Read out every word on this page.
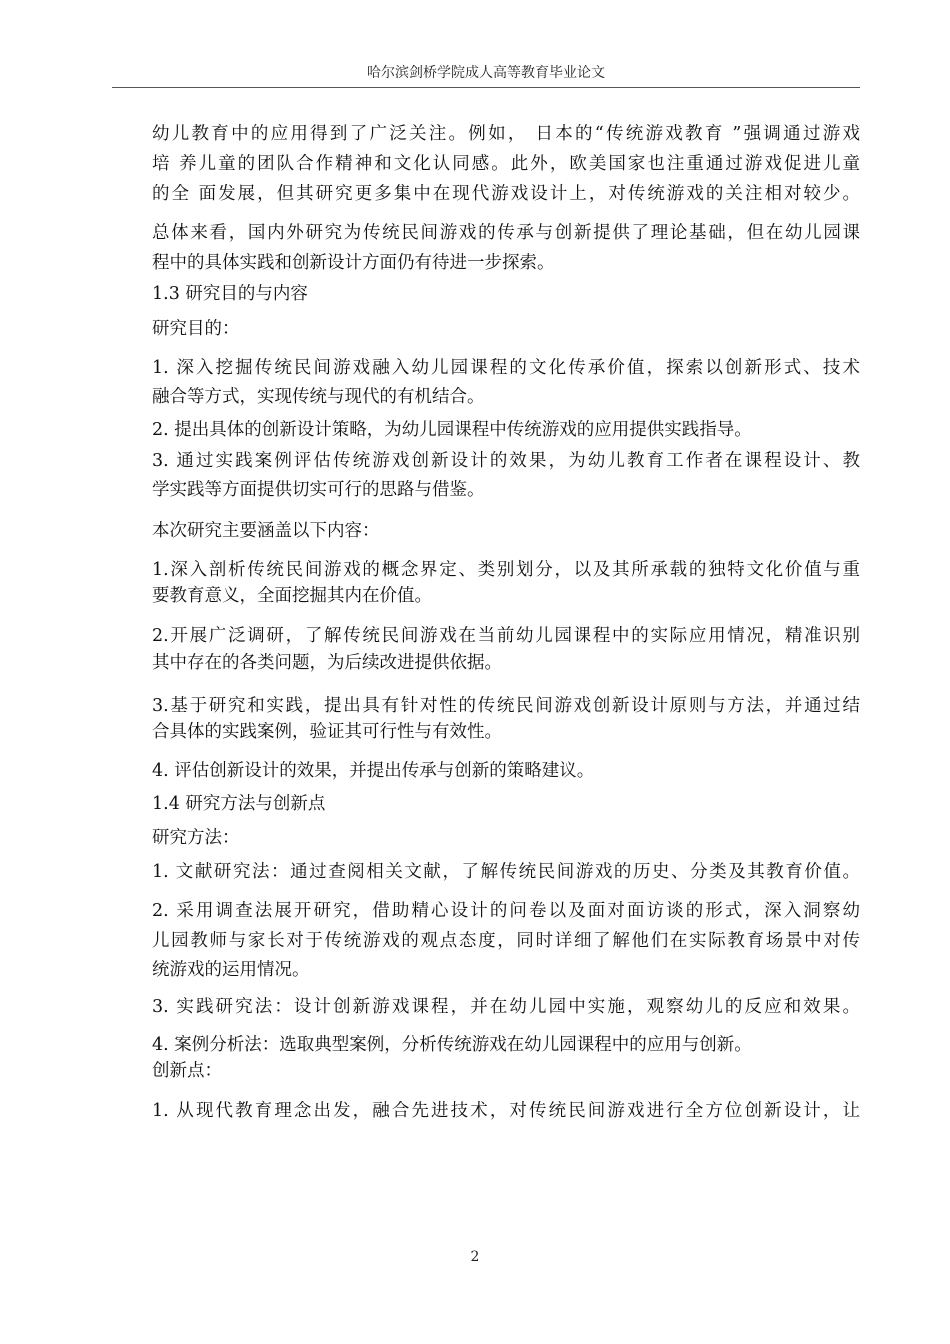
哈尔滨剑桥学院成人高等教育毕业论文
幼儿教育中的应用得到了广泛关注。例如， 日本的“传统游戏教育 ”强调通过游戏
培 养儿童的团队合作精神和文化认同感。此外，欧美国家也注重通过游戏促进儿童
的全 面发展，但其研究更多集中在现代游戏设计上，对传统游戏的关注相对较少。
总体来看，国内外研究为传统民间游戏的传承与创新提供了理论基础，但在幼儿园课
程中的具体实践和创新设计方面仍有待进一步探索。
1.3 研究目的与内容
研究目的：
1. 深入挖掘传统民间游戏融入幼儿园课程的文化传承价值，探索以创新形式、技术
融合等方式，实现传统与现代的有机结合。
2. 提出具体的创新设计策略，为幼儿园课程中传统游戏的应用提供实践指导。
3. 通过实践案例评估传统游戏创新设计的效果，为幼儿教育工作者在课程设计、教
学实践等方面提供切实可行的思路与借鉴。
本次研究主要涵盖以下内容：
1.深入剖析传统民间游戏的概念界定、类别划分，以及其所承载的独特文化价值与重
要教育意义，全面挖掘其内在价值。
2.开展广泛调研，了解传统民间游戏在当前幼儿园课程中的实际应用情况，精准识别
其中存在的各类问题，为后续改进提供依据。
3.基于研究和实践，提出具有针对性的传统民间游戏创新设计原则与方法，并通过结
合具体的实践案例，验证其可行性与有效性。
4. 评估创新设计的效果，并提出传承与创新的策略建议。
1.4 研究方法与创新点
研究方法：
1. 文献研究法：通过查阅相关文献，了解传统民间游戏的历史、分类及其教育价值。
2. 采用调查法展开研究，借助精心设计的问卷以及面对面访谈的形式，深入洞察幼
儿园教师与家长对于传统游戏的观点态度，同时详细了解他们在实际教育场景中对传
统游戏的运用情况。
3. 实践研究法：设计创新游戏课程，并在幼儿园中实施，观察幼儿的反应和效果。
4. 案例分析法：选取典型案例，分析传统游戏在幼儿园课程中的应用与创新。
创新点：
1. 从现代教育理念出发，融合先进技术，对传统民间游戏进行全方位创新设计，让
2
